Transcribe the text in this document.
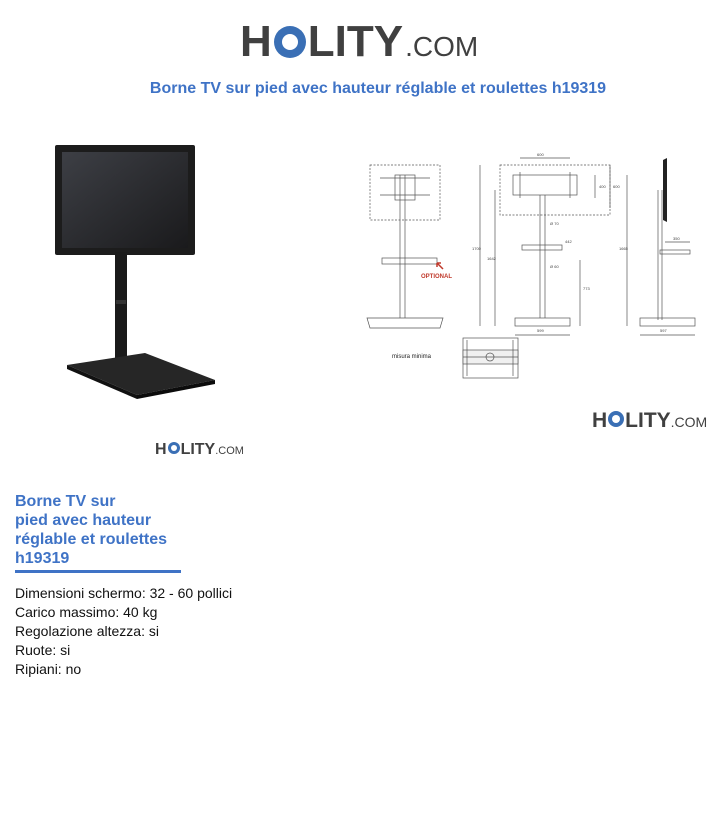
H LITY .COM
Borne TV sur pied avec hauteur réglable et roulettes h19319
H LITY .COM
OPTIONAL
misura minima
600
400 600
Ø 70
442
Ø 60
1700
1642
773
599
350
1665
597
H LITY .COM
Borne TV sur
pied avec hauteur
réglable et roulettes
h19319
Dimensioni schermo: 32 - 60 pollici
Carico massimo: 40 kg
Regolazione altezza: si
Ruote: si
Ripiani: no
